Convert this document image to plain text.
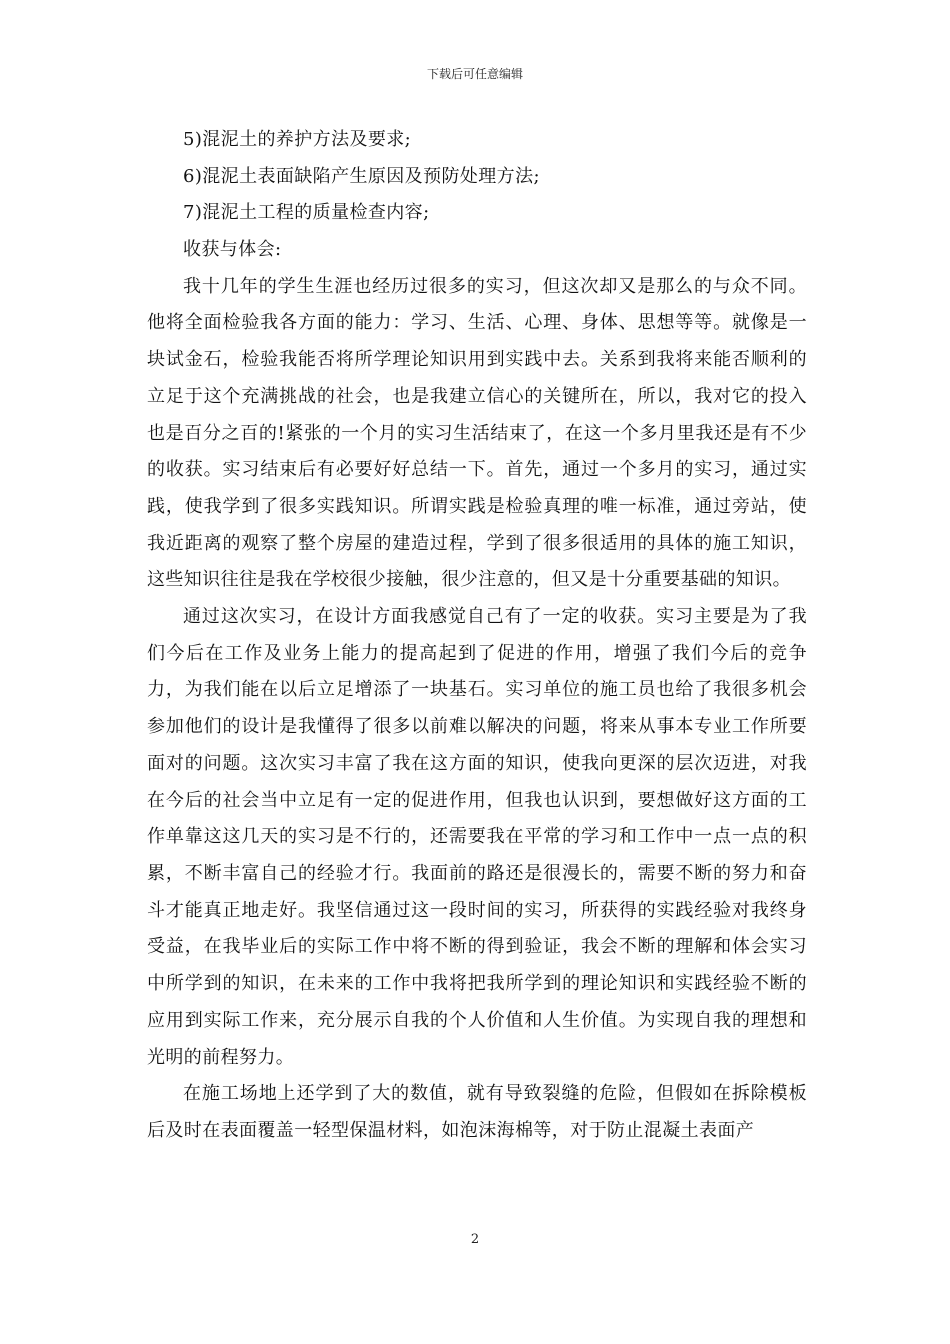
下载后可任意编辑
5)混泥土的养护方法及要求;
6)混泥土表面缺陷产生原因及预防处理方法;
7)混泥土工程的质量检查内容;
收获与体会:

我十几年的学生生涯也经历过很多的实习，但这次却又是那么的与众不同。他将全面检验我各方面的能力：学习、生活、心理、身体、思想等等。就像是一块试金石，检验我能否将所学理论知识用到实践中去。关系到我将来能否顺利的立足于这个充满挑战的社会，也是我建立信心的关键所在，所以，我对它的投入也是百分之百的!紧张的一个月的实习生活结束了，在这一个多月里我还是有不少的收获。实习结束后有必要好好总结一下。首先，通过一个多月的实习，通过实践，使我学到了很多实践知识。所谓实践是检验真理的唯一标准，通过旁站，使我近距离的观察了整个房屋的建造过程，学到了很多很适用的具体的施工知识，这些知识往往是我在学校很少接触，很少注意的，但又是十分重要基础的知识。

通过这次实习，在设计方面我感觉自己有了一定的收获。实习主要是为了我们今后在工作及业务上能力的提高起到了促进的作用，增强了我们今后的竞争力，为我们能在以后立足增添了一块基石。实习单位的施工员也给了我很多机会参加他们的设计是我懂得了很多以前难以解决的问题，将来从事本专业工作所要面对的问题。这次实习丰富了我在这方面的知识，使我向更深的层次迈进，对我在今后的社会当中立足有一定的促进作用，但我也认识到，要想做好这方面的工作单靠这这几天的实习是不行的，还需要我在平常的学习和工作中一点一点的积累，不断丰富自己的经验才行。我面前的路还是很漫长的，需要不断的努力和奋斗才能真正地走好。我坚信通过这一段时间的实习，所获得的实践经验对我终身受益，在我毕业后的实际工作中将不断的得到验证，我会不断的理解和体会实习中所学到的知识，在未来的工作中我将把我所学到的理论知识和实践经验不断的应用到实际工作来，充分展示自我的个人价值和人生价值。为实现自我的理想和光明的前程努力。

在施工场地上还学到了大的数值，就有导致裂缝的危险，但假如在拆除模板后及时在表面覆盖一轻型保温材料，如泡沫海棉等，对于防止混凝土表面产

2
